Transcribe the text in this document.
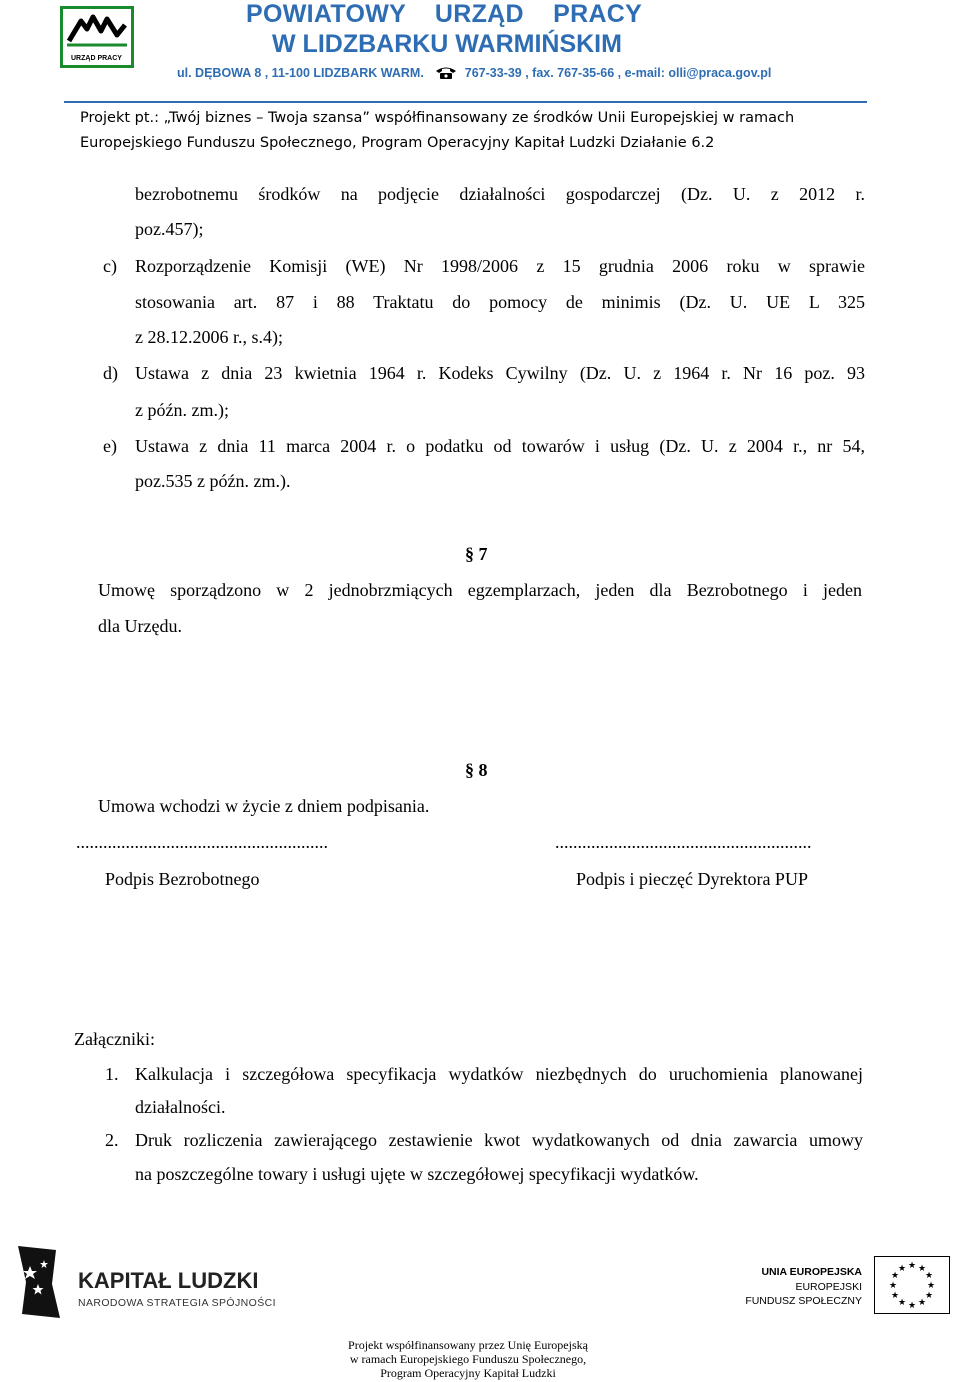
URZĄD PRACY
POWIATOWY URZĄD PRACY
W LIDZBARKU WARMIŃSKIM
ul. DĘBOWA 8 , 11-100 LIDZBARK WARM.	767-33-39 , fax. 767-35-66 , e-mail: olli@praca.gov.pl
Projekt pt.: „Twój biznes – Twoja szansa” współfinansowany ze środków Unii Europejskiej w ramach
Europejskiego Funduszu Społecznego, Program Operacyjny Kapitał Ludzki Działanie 6.2
bezrobotnemu środków na podjęcie działalności gospodarczej (Dz. U. z 2012 r.
poz.457);
c) Rozporządzenie Komisji (WE) Nr 1998/2006 z 15 grudnia 2006 roku w sprawie
stosowania art. 87 i 88 Traktatu do pomocy de minimis (Dz. U. UE L 325
z 28.12.2006 r., s.4);
d) Ustawa z dnia 23 kwietnia 1964 r. Kodeks Cywilny (Dz. U. z 1964 r. Nr 16 poz. 93
z późn. zm.);
e) Ustawa z dnia 11 marca 2004 r. o podatku od towarów i usług (Dz. U. z 2004 r., nr 54,
poz.535 z późn. zm.).
§ 7
Umowę sporządzono w 2 jednobrzmiących egzemplarzach, jeden dla Bezrobotnego i jeden
dla Urzędu.
§ 8
Umowa wchodzi w życie z dniem podpisania.
........................................................	.........................................................
Podpis Bezrobotnego	Podpis i pieczęć Dyrektora PUP
Załączniki:
1. Kalkulacja i szczegółowa specyfikacja wydatków niezbędnych do uruchomienia planowanej
działalności.
2. Druk rozliczenia zawierającego zestawienie kwot wydatkowanych od dnia zawarcia umowy
na poszczególne towary i usługi ujęte w szczegółowej specyfikacji wydatków.
KAPITAŁ LUDZKI
NARODOWA STRATEGIA SPÓJNOŚCI
UNIA EUROPEJSKA
EUROPEJSKI
FUNDUSZ SPOŁECZNY
★ ★
★
★
★
★
★
★
★
★
★
★
Projekt współfinansowany przez Unię Europejską
w ramach Europejskiego Funduszu Społecznego,
Program Operacyjny Kapitał Ludzki
